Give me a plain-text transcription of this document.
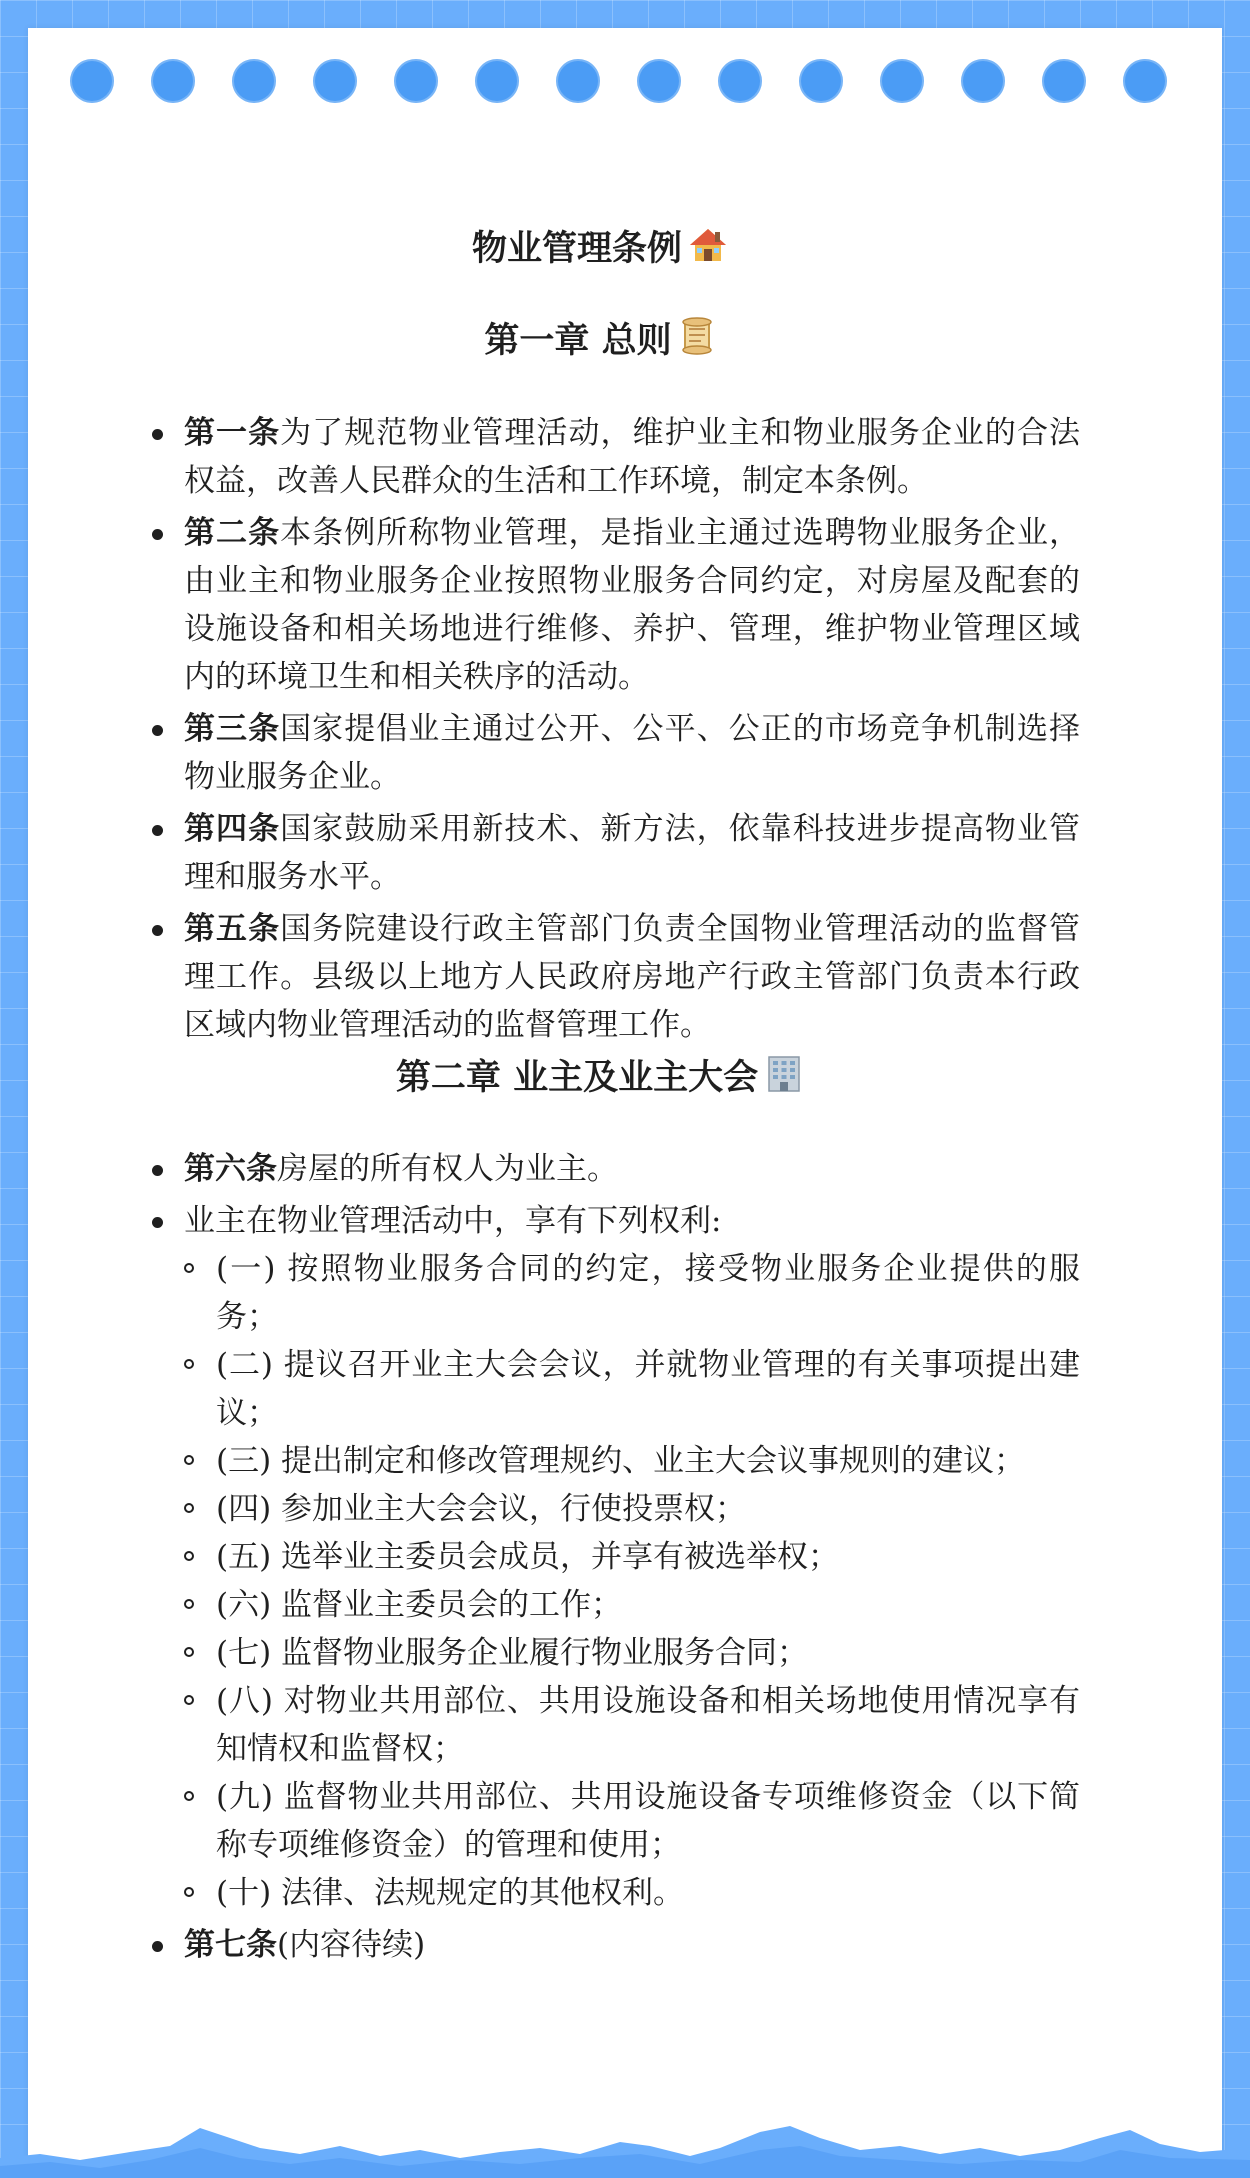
物业管理条例
第一章 总则
第一条为了规范物业管理活动，维护业主和物业服务企业的合法权益，改善人民群众的生活和工作环境，制定本条例。
第二条本条例所称物业管理，是指业主通过选聘物业服务企业，由业主和物业服务企业按照物业服务合同约定，对房屋及配套的设施设备和相关场地进行维修、养护、管理，维护物业管理区域内的环境卫生和相关秩序的活动。
第三条国家提倡业主通过公开、公平、公正的市场竞争机制选择物业服务企业。
第四条国家鼓励采用新技术、新方法，依靠科技进步提高物业管理和服务水平。
第五条国务院建设行政主管部门负责全国物业管理活动的监督管理工作。县级以上地方人民政府房地产行政主管部门负责本行政区域内物业管理活动的监督管理工作。
第二章 业主及业主大会
第六条房屋的所有权人为业主。
业主在物业管理活动中，享有下列权利:
(一) 按照物业服务合同的约定，接受物业服务企业提供的服务；
(二) 提议召开业主大会会议，并就物业管理的有关事项提出建议；
(三) 提出制定和修改管理规约、业主大会议事规则的建议；
(四) 参加业主大会会议，行使投票权；
(五) 选举业主委员会成员，并享有被选举权；
(六) 监督业主委员会的工作；
(七) 监督物业服务企业履行物业服务合同；
(八) 对物业共用部位、共用设施设备和相关场地使用情况享有知情权和监督权；
(九) 监督物业共用部位、共用设施设备专项维修资金（以下简称专项维修资金）的管理和使用；
(十) 法律、法规规定的其他权利。
第七条(内容待续)
